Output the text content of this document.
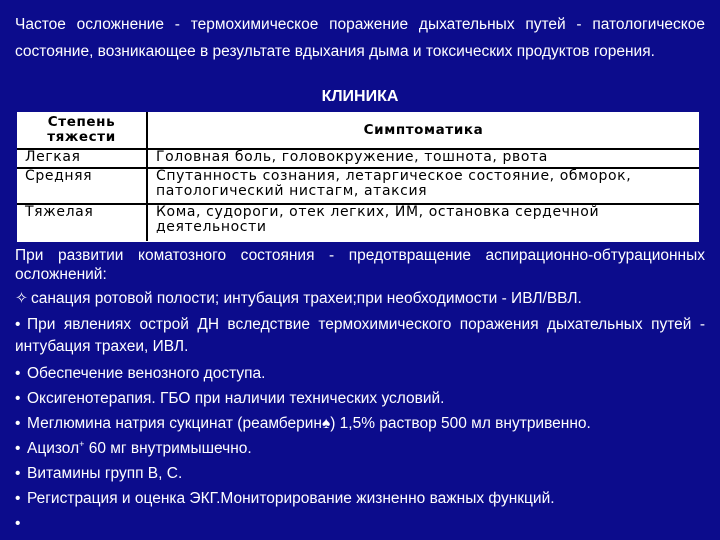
Частое осложнение - термохимическое поражение дыхательных путей - патологическое состояние, возникающее в результате вдыхания дыма и токсических продуктов горения.
КЛИНИКА
Степень тяжести	Симптоматика
Легкая	Головная боль, головокружение, тошнота, рвота
Средняя	Спутанность сознания, летаргическое состояние, обморок, патологический нистагм, атаксия
Тяжелая	Кома, судороги, отек легких, ИМ, остановка сердечной деятельности

При развитии коматозного состояния - предотвращение аспирационно-обтурационных осложнений:

✧ санация ротовой полости; интубация трахеи;при необходимости - ИВЛ/ВВЛ.
• При явлениях острой ДН вследствие термохимического поражения дыхательных путей - интубация трахеи, ИВЛ.
• Обеспечение венозного доступа.
• Оксигенотерапия. ГБО при наличии технических условий.
• Меглюмина натрия сукцинат (реамберин♠) 1,5% раствор 500 мл внутривенно.
• Ацизол+ 60 мг внутримышечно.
• Витамины групп В, С.
• Регистрация и оценка ЭКГ.Мониторирование жизненно важных функций.
•
